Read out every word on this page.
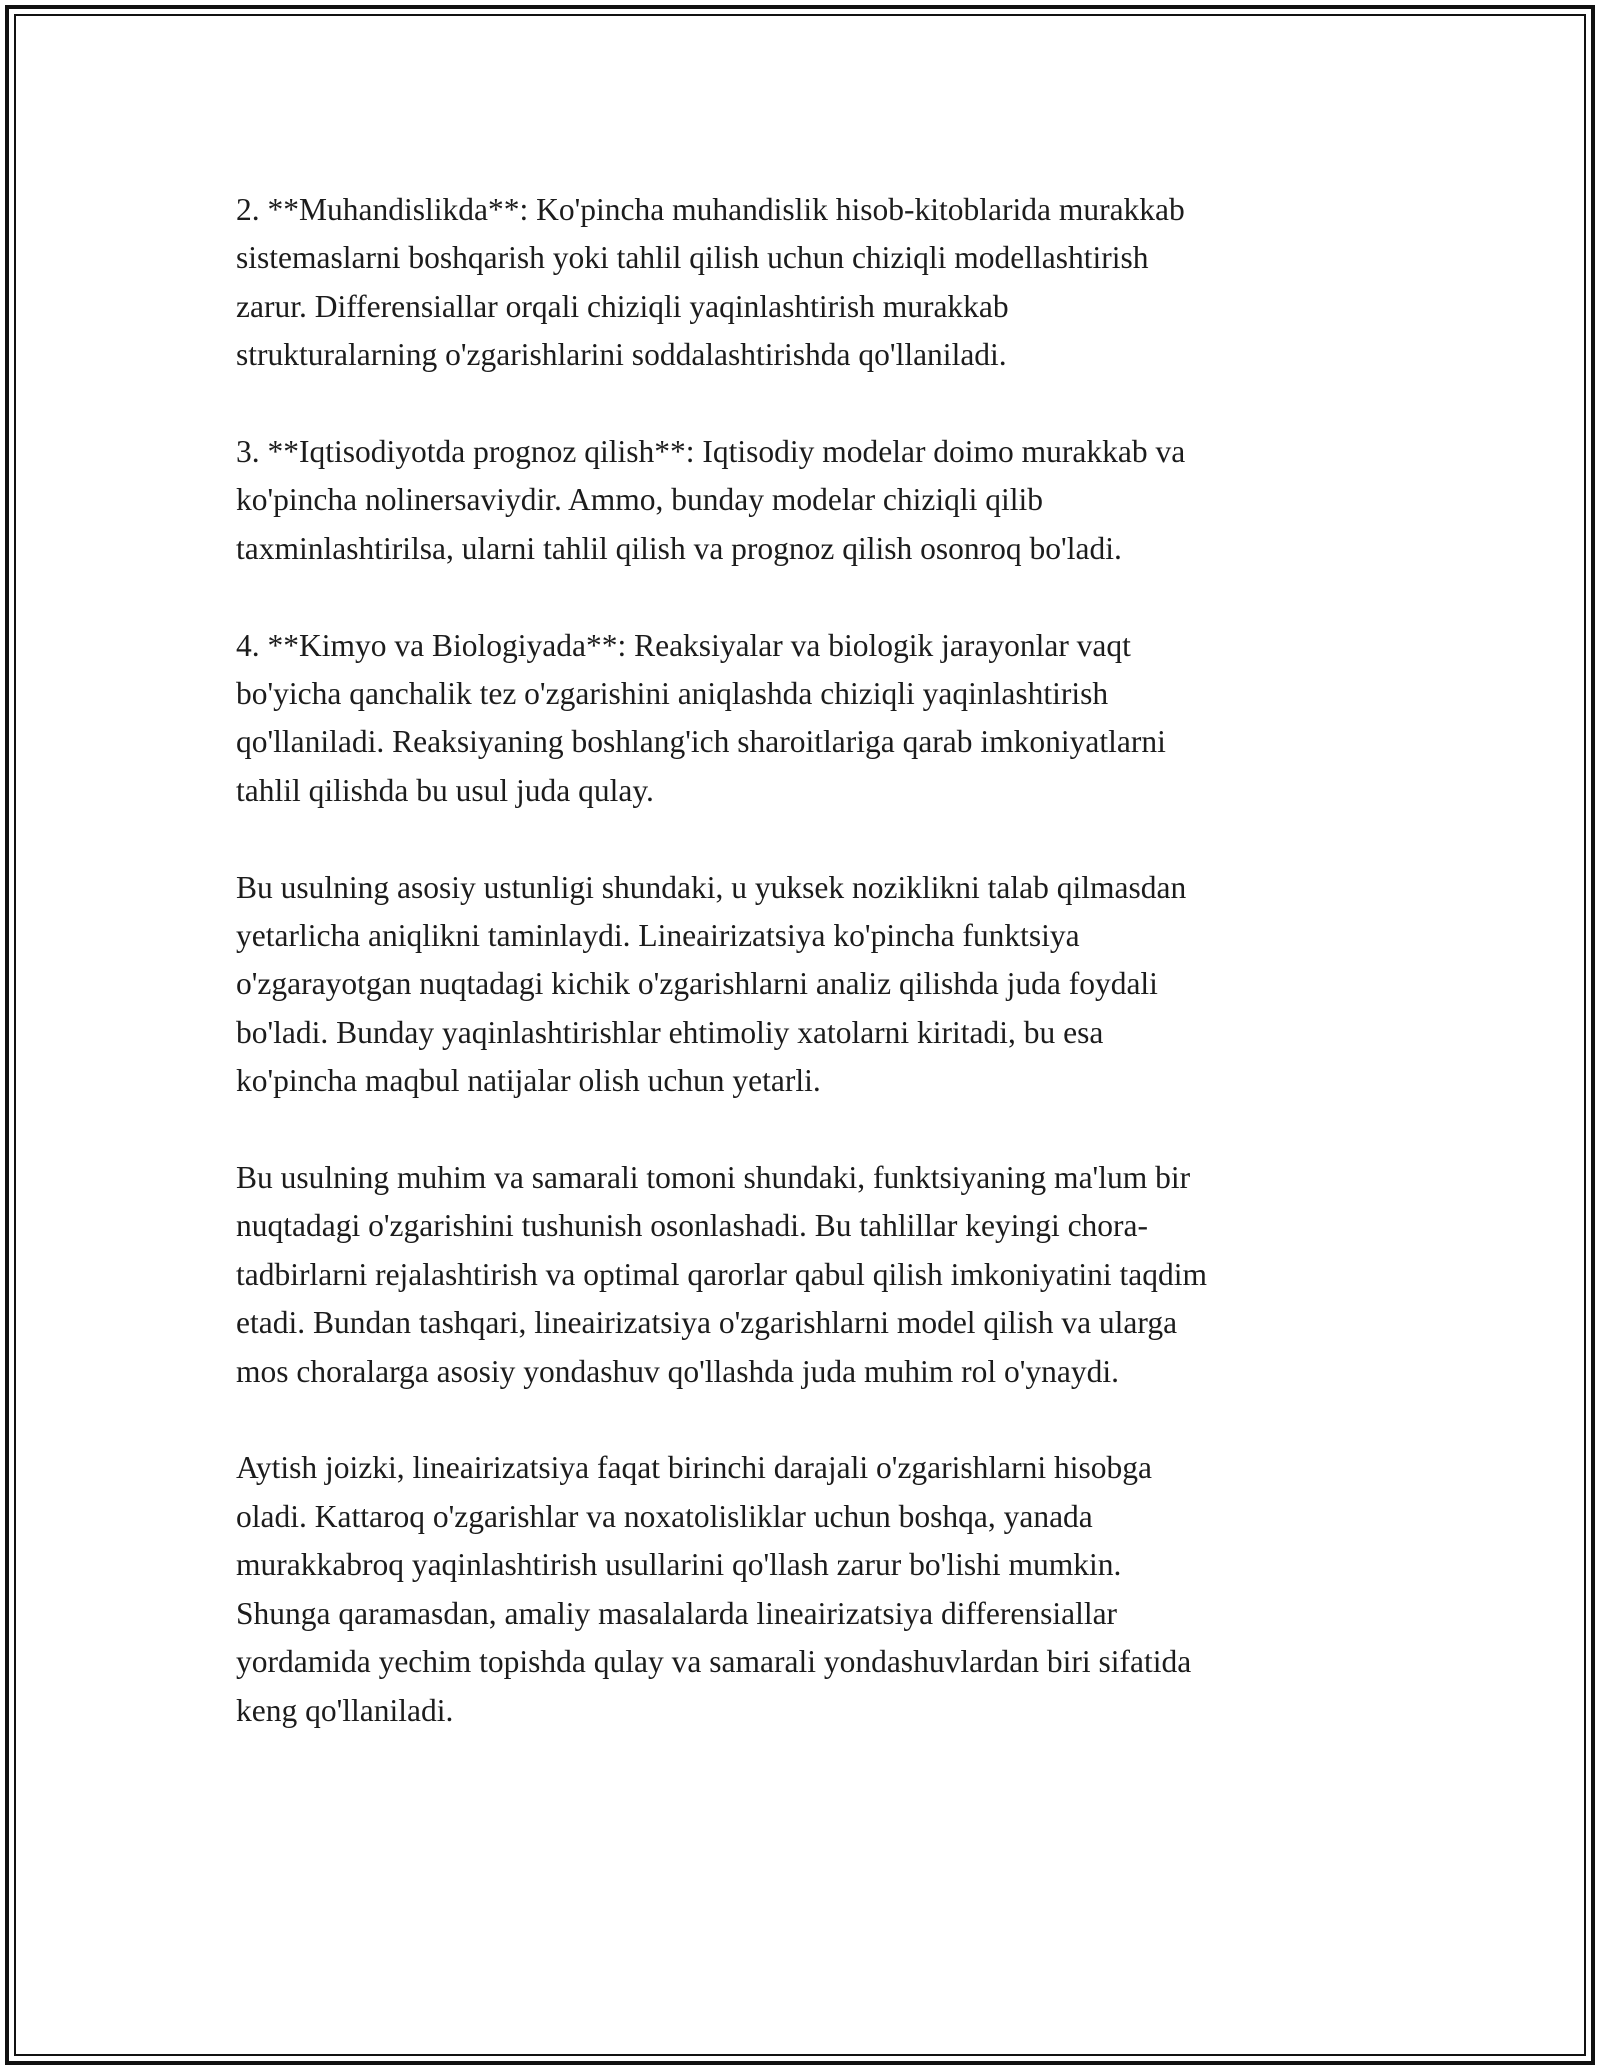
2. **Muhandislikda**: Ko'pincha muhandislik hisob-kitoblarida murakkab
sistemaslarni boshqarish yoki tahlil qilish uchun chiziqli modellashtirish
zarur. Differensiallar orqali chiziqli yaqinlashtirish murakkab
strukturalarning o'zgarishlarini soddalashtirishda qo'llaniladi.

3. **Iqtisodiyotda prognoz qilish**: Iqtisodiy modelar doimo murakkab va
ko'pincha nolinersaviydir. Ammo, bunday modelar chiziqli qilib
taxminlashtirilsa, ularni tahlil qilish va prognoz qilish osonroq bo'ladi.

4. **Kimyo va Biologiyada**: Reaksiyalar va biologik jarayonlar vaqt
bo'yicha qanchalik tez o'zgarishini aniqlashda chiziqli yaqinlashtirish
qo'llaniladi. Reaksiyaning boshlang'ich sharoitlariga qarab imkoniyatlarni
tahlil qilishda bu usul juda qulay.

Bu usulning asosiy ustunligi shundaki, u yuksek noziklikni talab qilmasdan
yetarlicha aniqlikni taminlaydi. Lineairizatsiya ko'pincha funktsiya
o'zgarayotgan nuqtadagi kichik o'zgarishlarni analiz qilishda juda foydali
bo'ladi. Bunday yaqinlashtirishlar ehtimoliy xatolarni kiritadi, bu esa
ko'pincha maqbul natijalar olish uchun yetarli.

Bu usulning muhim va samarali tomoni shundaki, funktsiyaning ma'lum bir
nuqtadagi o'zgarishini tushunish osonlashadi. Bu tahlillar keyingi chora-
tadbirlarni rejalashtirish va optimal qarorlar qabul qilish imkoniyatini taqdim
etadi. Bundan tashqari, lineairizatsiya o'zgarishlarni model qilish va ularga
mos choralarga asosiy yondashuv qo'llashda juda muhim rol o'ynaydi.

Aytish joizki, lineairizatsiya faqat birinchi darajali o'zgarishlarni hisobga
oladi. Kattaroq o'zgarishlar va noxatolisliklar uchun boshqa, yanada
murakkabroq yaqinlashtirish usullarini qo'llash zarur bo'lishi mumkin.
Shunga qaramasdan, amaliy masalalarda lineairizatsiya differensiallar
yordamida yechim topishda qulay va samarali yondashuvlardan biri sifatida
keng qo'llaniladi.
